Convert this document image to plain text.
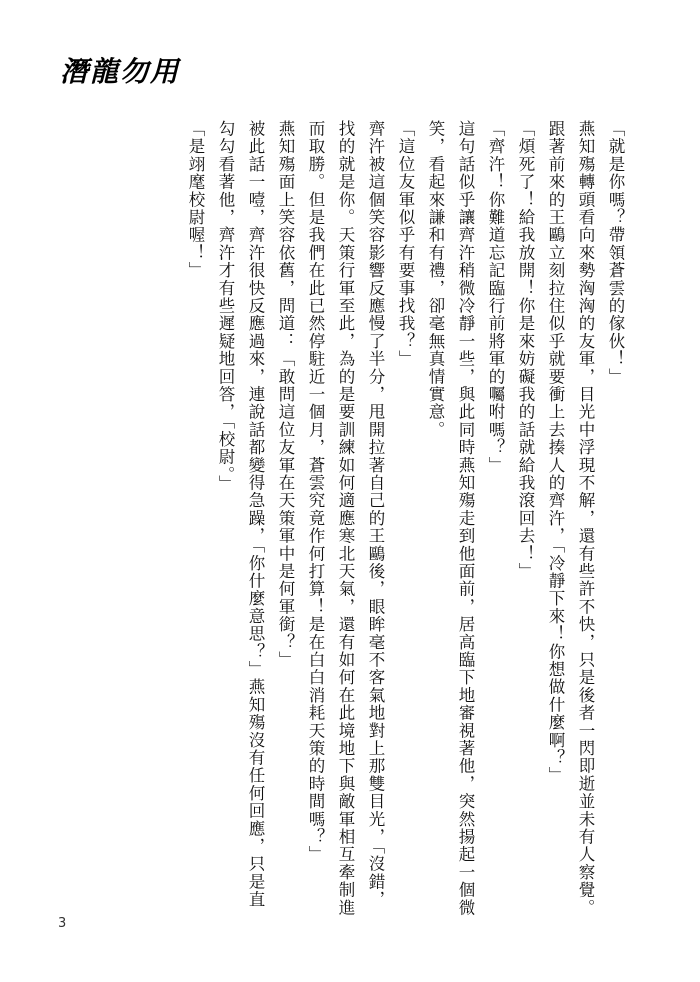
潛龍勿用

「就是你嗎？帶領蒼雲的傢伙！」

燕知殤轉頭看向來勢洶洶的友軍，目光中浮現不解，還有些許不快，只是後者一閃即逝並未有人察覺。

跟著前來的王鷗立刻拉住似乎就要衝上去揍人的齊汻，「冷靜下來！你想做什麼啊？」

「煩死了！給我放開！你是來妨礙我的話就給我滾回去！」

「齊汻！你難道忘記臨行前將軍的囑咐嗎？」

這句話似乎讓齊汻稍微冷靜一些，與此同時燕知殤走到他面前，居高臨下地審視著他，突然揚起一個微笑，看起來謙和有禮，卻毫無真情實意。

「這位友軍似乎有要事找我？」

齊汻被這個笑容影響反應慢了半分，甩開拉著自己的王鷗後，眼眸毫不客氣地對上那雙目光，「沒錯，找的就是你。天策行軍至此，為的是要訓練如何適應寒北天氣，還有如何在此境地下與敵軍相互牽制進而取勝。但是我們在此已然停駐近一個月，蒼雲究竟作何打算！是在白白消耗天策的時間嗎？」

燕知殤面上笑容依舊，問道：「敢問這位友軍在天策軍中是何軍銜？」

被此話一噎，齊汻很快反應過來，連說話都變得急躁，「你什麼意思？」燕知殤沒有任何回應，只是直勾勾看著他，齊汻才有些遲疑地回答，「校尉。」

「是翊麾校尉喔！」

3
